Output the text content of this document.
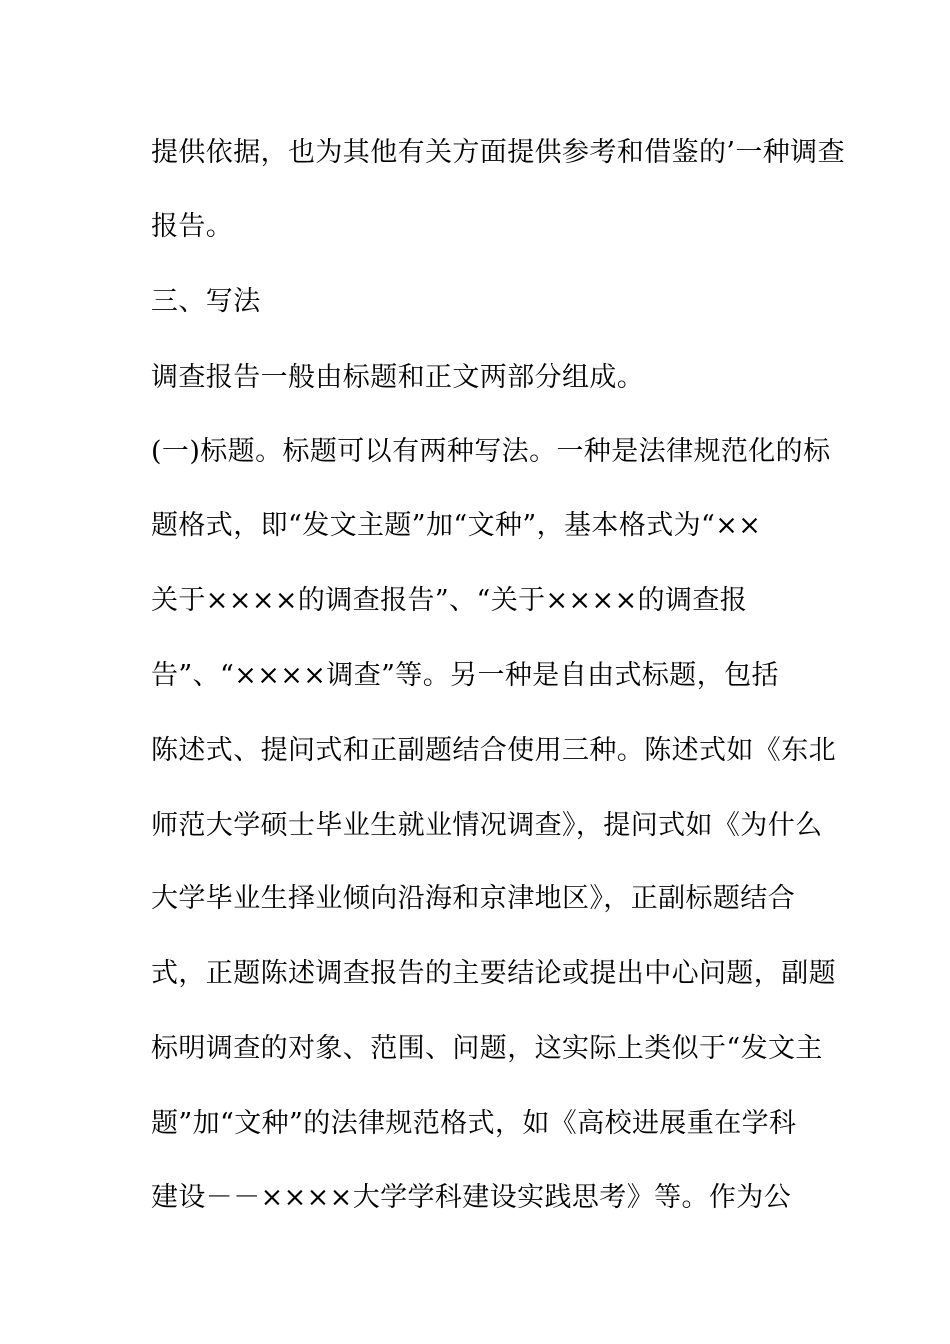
提供依据，也为其他有关方面提供参考和借鉴的’一种调查

报告。

三、写法

调查报告一般由标题和正文两部分组成。

(一)标题。标题可以有两种写法。一种是法律规范化的标

题格式，即“发文主题”加“文种”，基本格式为“××

关于××××的调查报告”、“关于××××的调查报

告”、“××××调查”等。另一种是自由式标题，包括

陈述式、提问式和正副题结合使用三种。陈述式如《东北

师范大学硕士毕业生就业情况调查》，提问式如《为什么

大学毕业生择业倾向沿海和京津地区》，正副标题结合

式，正题陈述调查报告的主要结论或提出中心问题，副题

标明调查的对象、范围、问题，这实际上类似于“发文主

题”加“文种”的法律规范格式，如《高校进展重在学科

建设－－××××大学学科建设实践思考》等。作为公
